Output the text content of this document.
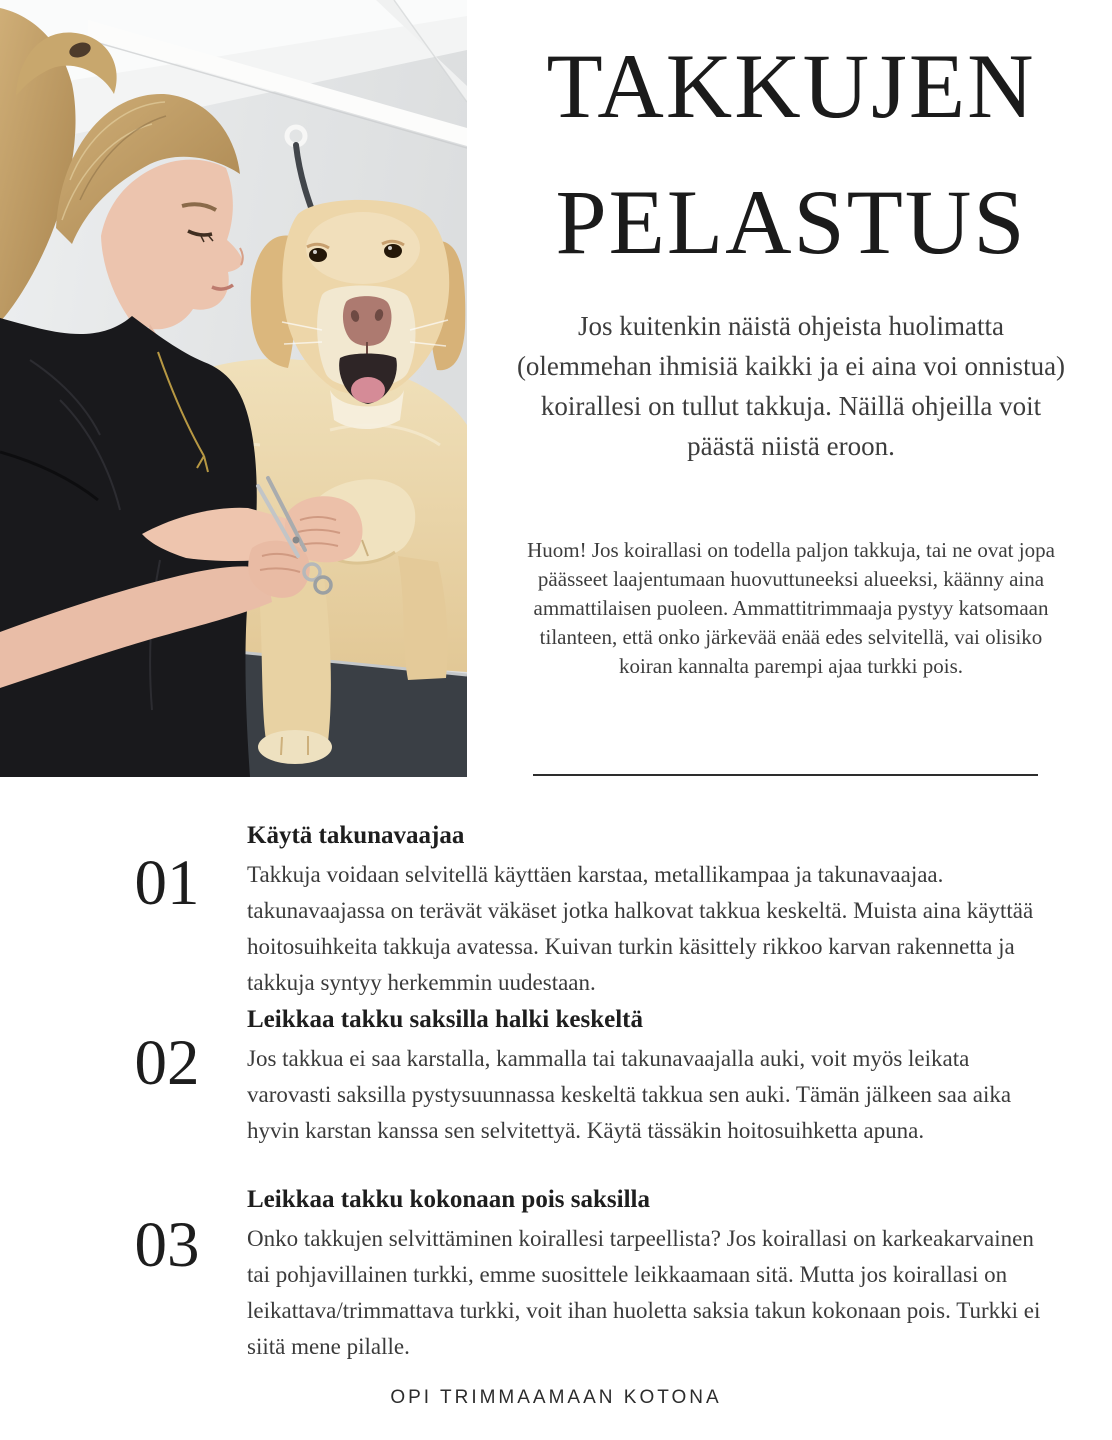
TAKKUJEN
PELASTUS
Jos kuitenkin näistä ohjeista huolimatta
(olemmehan ihmisiä kaikki ja ei aina voi onnistua)
koirallesi on tullut takkuja. Näillä ohjeilla voit
päästä niistä eroon.
Huom! Jos koirallasi on todella paljon takkuja, tai ne ovat jopa
päässeet laajentumaan huovuttuneeksi alueeksi, käänny aina
ammattilaisen puoleen. Ammattitrimmaaja pystyy katsomaan
tilanteen, että onko järkevää enää edes selvitellä, vai olisiko
koiran kannalta parempi ajaa turkki pois.
01
Käytä takunavaajaa

Takkuja voidaan selvitellä käyttäen karstaa, metallikampaa ja takunavaajaa. takunavaajassa on terävät väkäset jotka halkovat takkua keskeltä. Muista aina käyttää hoitosuihkeita takkuja avatessa. Kuivan turkin käsittely rikkoo karvan rakennetta ja takkuja syntyy herkemmin uudestaan.

02
Leikkaa takku saksilla halki keskeltä

Jos takkua ei saa karstalla, kammalla tai takunavaajalla auki, voit myös leikata varovasti saksilla pystysuunnassa keskeltä takkua sen auki. Tämän jälkeen saa aika hyvin karstan kanssa sen selvitettyä. Käytä tässäkin hoitosuihketta apuna.

03
Leikkaa takku kokonaan pois saksilla

Onko takkujen selvittäminen koirallesi tarpeellista? Jos koirallasi on karkeakarvainen tai pohjavillainen turkki, emme suosittele leikkaamaan sitä. Mutta jos koirallasi on leikattava/trimmattava turkki, voit ihan huoletta saksia takun kokonaan pois. Turkki ei siitä mene pilalle.

OPI TRIMMAAMAAN KOTONA
